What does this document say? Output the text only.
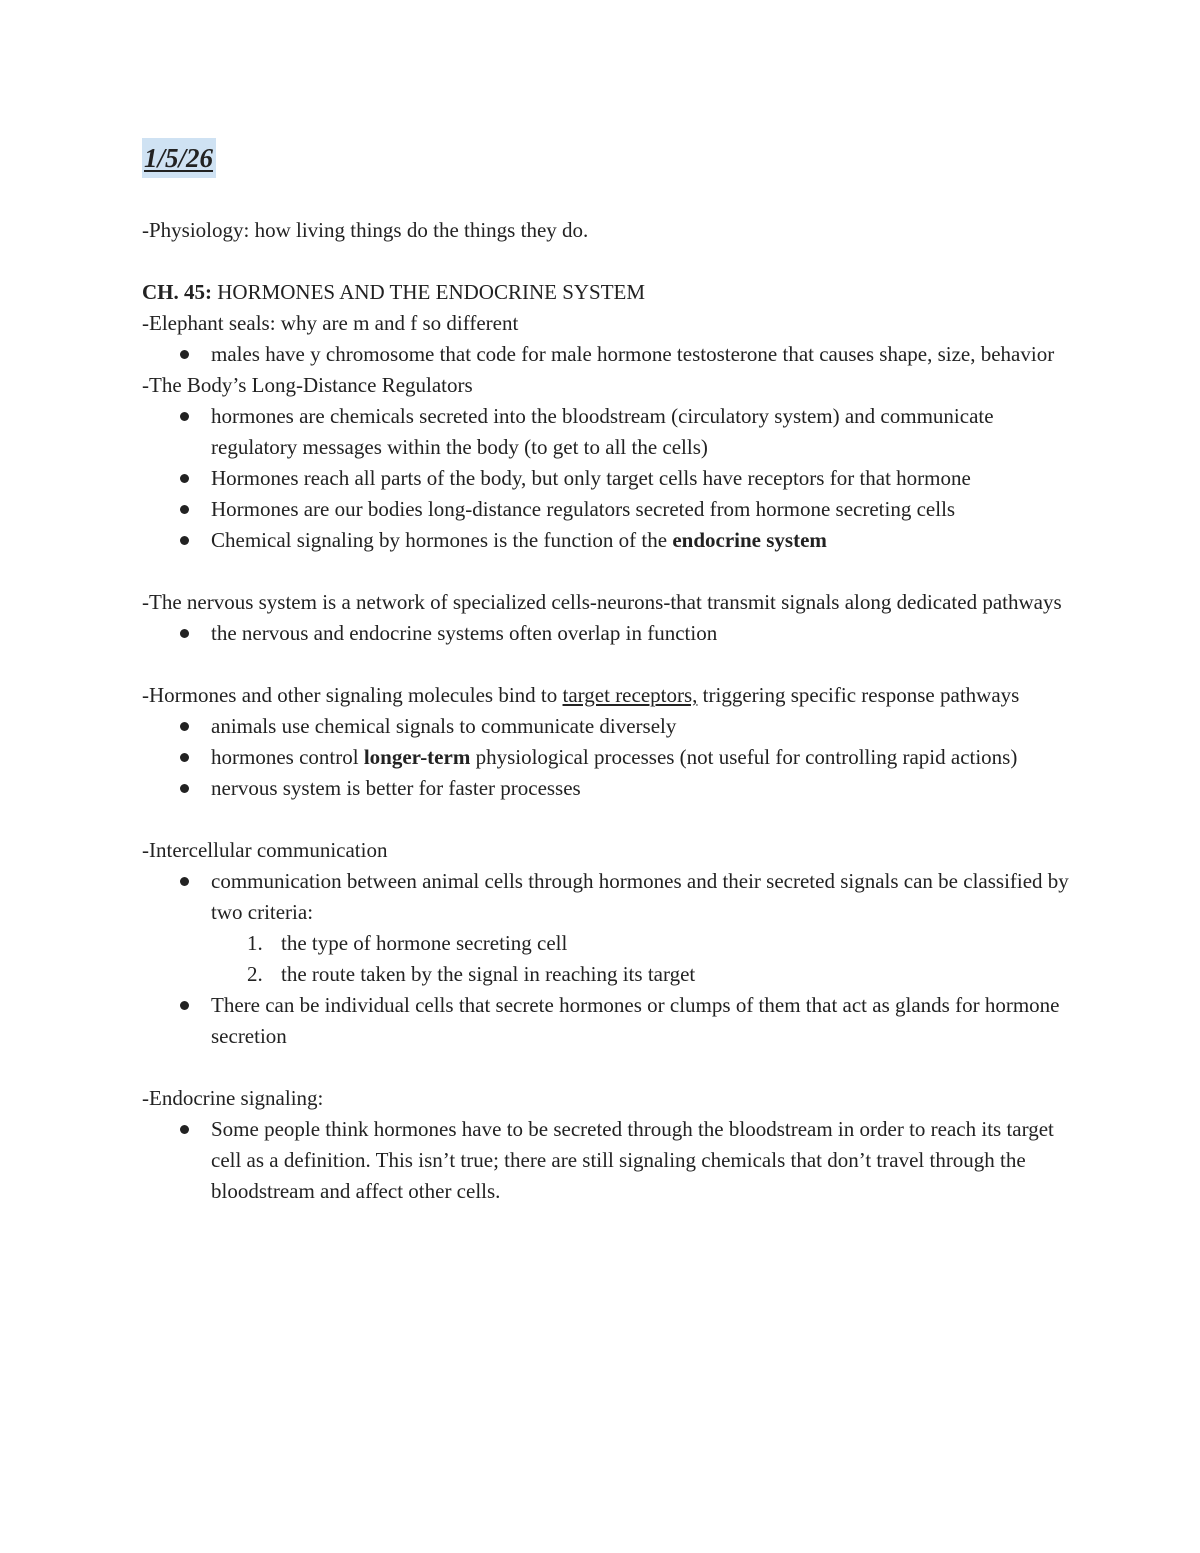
1/5/26

-Physiology: how living things do the things they do.

CH. 45: HORMONES AND THE ENDOCRINE SYSTEM

-Elephant seals: why are m and f so different

males have y chromosome that code for male hormone testosterone that causes shape, size, behavior

-The Body’s Long-Distance Regulators

hormones are chemicals secreted into the bloodstream (circulatory system) and communicate regulatory messages within the body (to get to all the cells)
Hormones reach all parts of the body, but only target cells have receptors for that hormone
Hormones are our bodies long-distance regulators secreted from hormone secreting cells
Chemical signaling by hormones is the function of the endocrine system

-The nervous system is a network of specialized cells-neurons-that transmit signals along dedicated pathways

the nervous and endocrine systems often overlap in function

-Hormones and other signaling molecules bind to target receptors, triggering specific response pathways

animals use chemical signals to communicate diversely
hormones control longer-term physiological processes (not useful for controlling rapid actions)
nervous system is better for faster processes

-Intercellular communication

communication between animal cells through hormones and their secreted signals can be classified by two criteria:
1. the type of hormone secreting cell
2. the route taken by the signal in reaching its target
There can be individual cells that secrete hormones or clumps of them that act as glands for hormone secretion

-Endocrine signaling:

Some people think hormones have to be secreted through the bloodstream in order to reach its target cell as a definition. This isn’t true; there are still signaling chemicals that don’t travel through the bloodstream and affect other cells.
